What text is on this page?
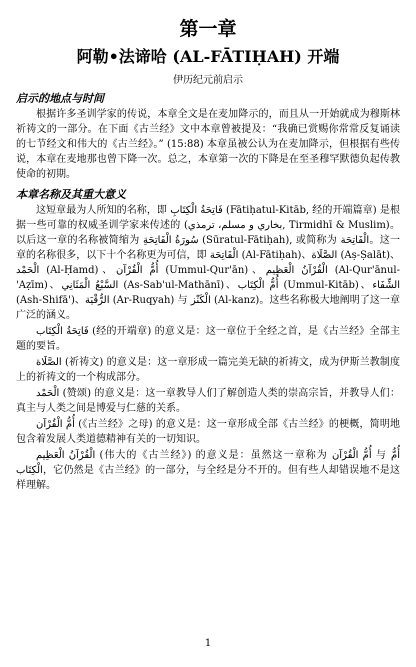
第一章
阿勒•法谛哈 (AL-FĀTIḤAH) 开端
伊历纪元前启示
启示的地点与时间

根据许多圣训学家的传说，本章全文是在麦加降示的，而且从一开始就成为穆斯林祈祷文的一部分。在下面《古兰经》文中本章曾被提及：“我确已赏赐你常常反复诵读的七节经文和伟大的《古兰经》。” (15:88) 本章虽被公认为在麦加降示，但根据有些传说，本章在麦地那也曾下降一次。总之，本章第一次的下降是在至圣穆罕默德负起传教使命的初期。

本章名称及其重大意义

这短章最为人所知的名称，即 فَاتِحَةُ الْكِتَابِ (Fātiḥatul-Kitāb, 经的开端篇章) 是根据一些可靠的权威圣训学家来传述的 (بخاري و مسلم، ترمذي, Tirmidhī & Muslim)。以后这一章的名称被简缩为 سُورَةُ الْفَاتِحَةِ (Sūratul-Fātiḥah), 或简称为 الْفَاتِحَة。这一章的名称很多，以下十个名称更为可信，即 الْفَاتِحَة (Al-Fātiḥah)、الصَّلَاة (Aṣ-Ṣalāt)、الْحَمْد (Al-Ḥamd)、أُمُّ الْقُرْآن (Ummul-Qur'ān)、الْقُرْآنُ الْعَظِيم (Al-Qur'ānul-'Aẓīm)、السَّبْعُ الْمَثَانِي (As-Sab'ul-Mathānī)、أُمُّ الْكِتَاب (Ummul-Kitāb)、الشِّفَاء (Ash-Shifā')、الرُّقْيَة (Ar-Ruqyah) 与 الْكَنْز (Al-kanz)。这些名称极大地阐明了这一章广泛的涵义。

فَاتِحَةُ الْكِتَاب (经的开端章) 的意义是：这一章位于全经之首，是《古兰经》全部主题的要旨。

الصَّلَاة (祈祷文) 的意义是：这一章形成一篇完美无缺的祈祷文，成为伊斯兰教制度上的祈祷文的一个构成部分。

الْحَمْد (赞颂) 的意义是：这一章教导人们了解创造人类的崇高宗旨，并教导人们：真主与人类之间是博爱与仁慈的关系。

أُمُّ الْقُرْآن (《古兰经》之母) 的意义是：这一章形成全部《古兰经》的梗概，简明地包含着发展人类道德精神有关的一切知识。

الْقُرْآنُ الْعَظِيم (伟大的《古兰经》) 的意义是：虽然这一章称为 أُمُّ الْقُرْآن 与 أُمُّ الْكِتَاب，它仍然是《古兰经》的一部分，与全经是分不开的。但有些人却错误地不是这样理解。

1
